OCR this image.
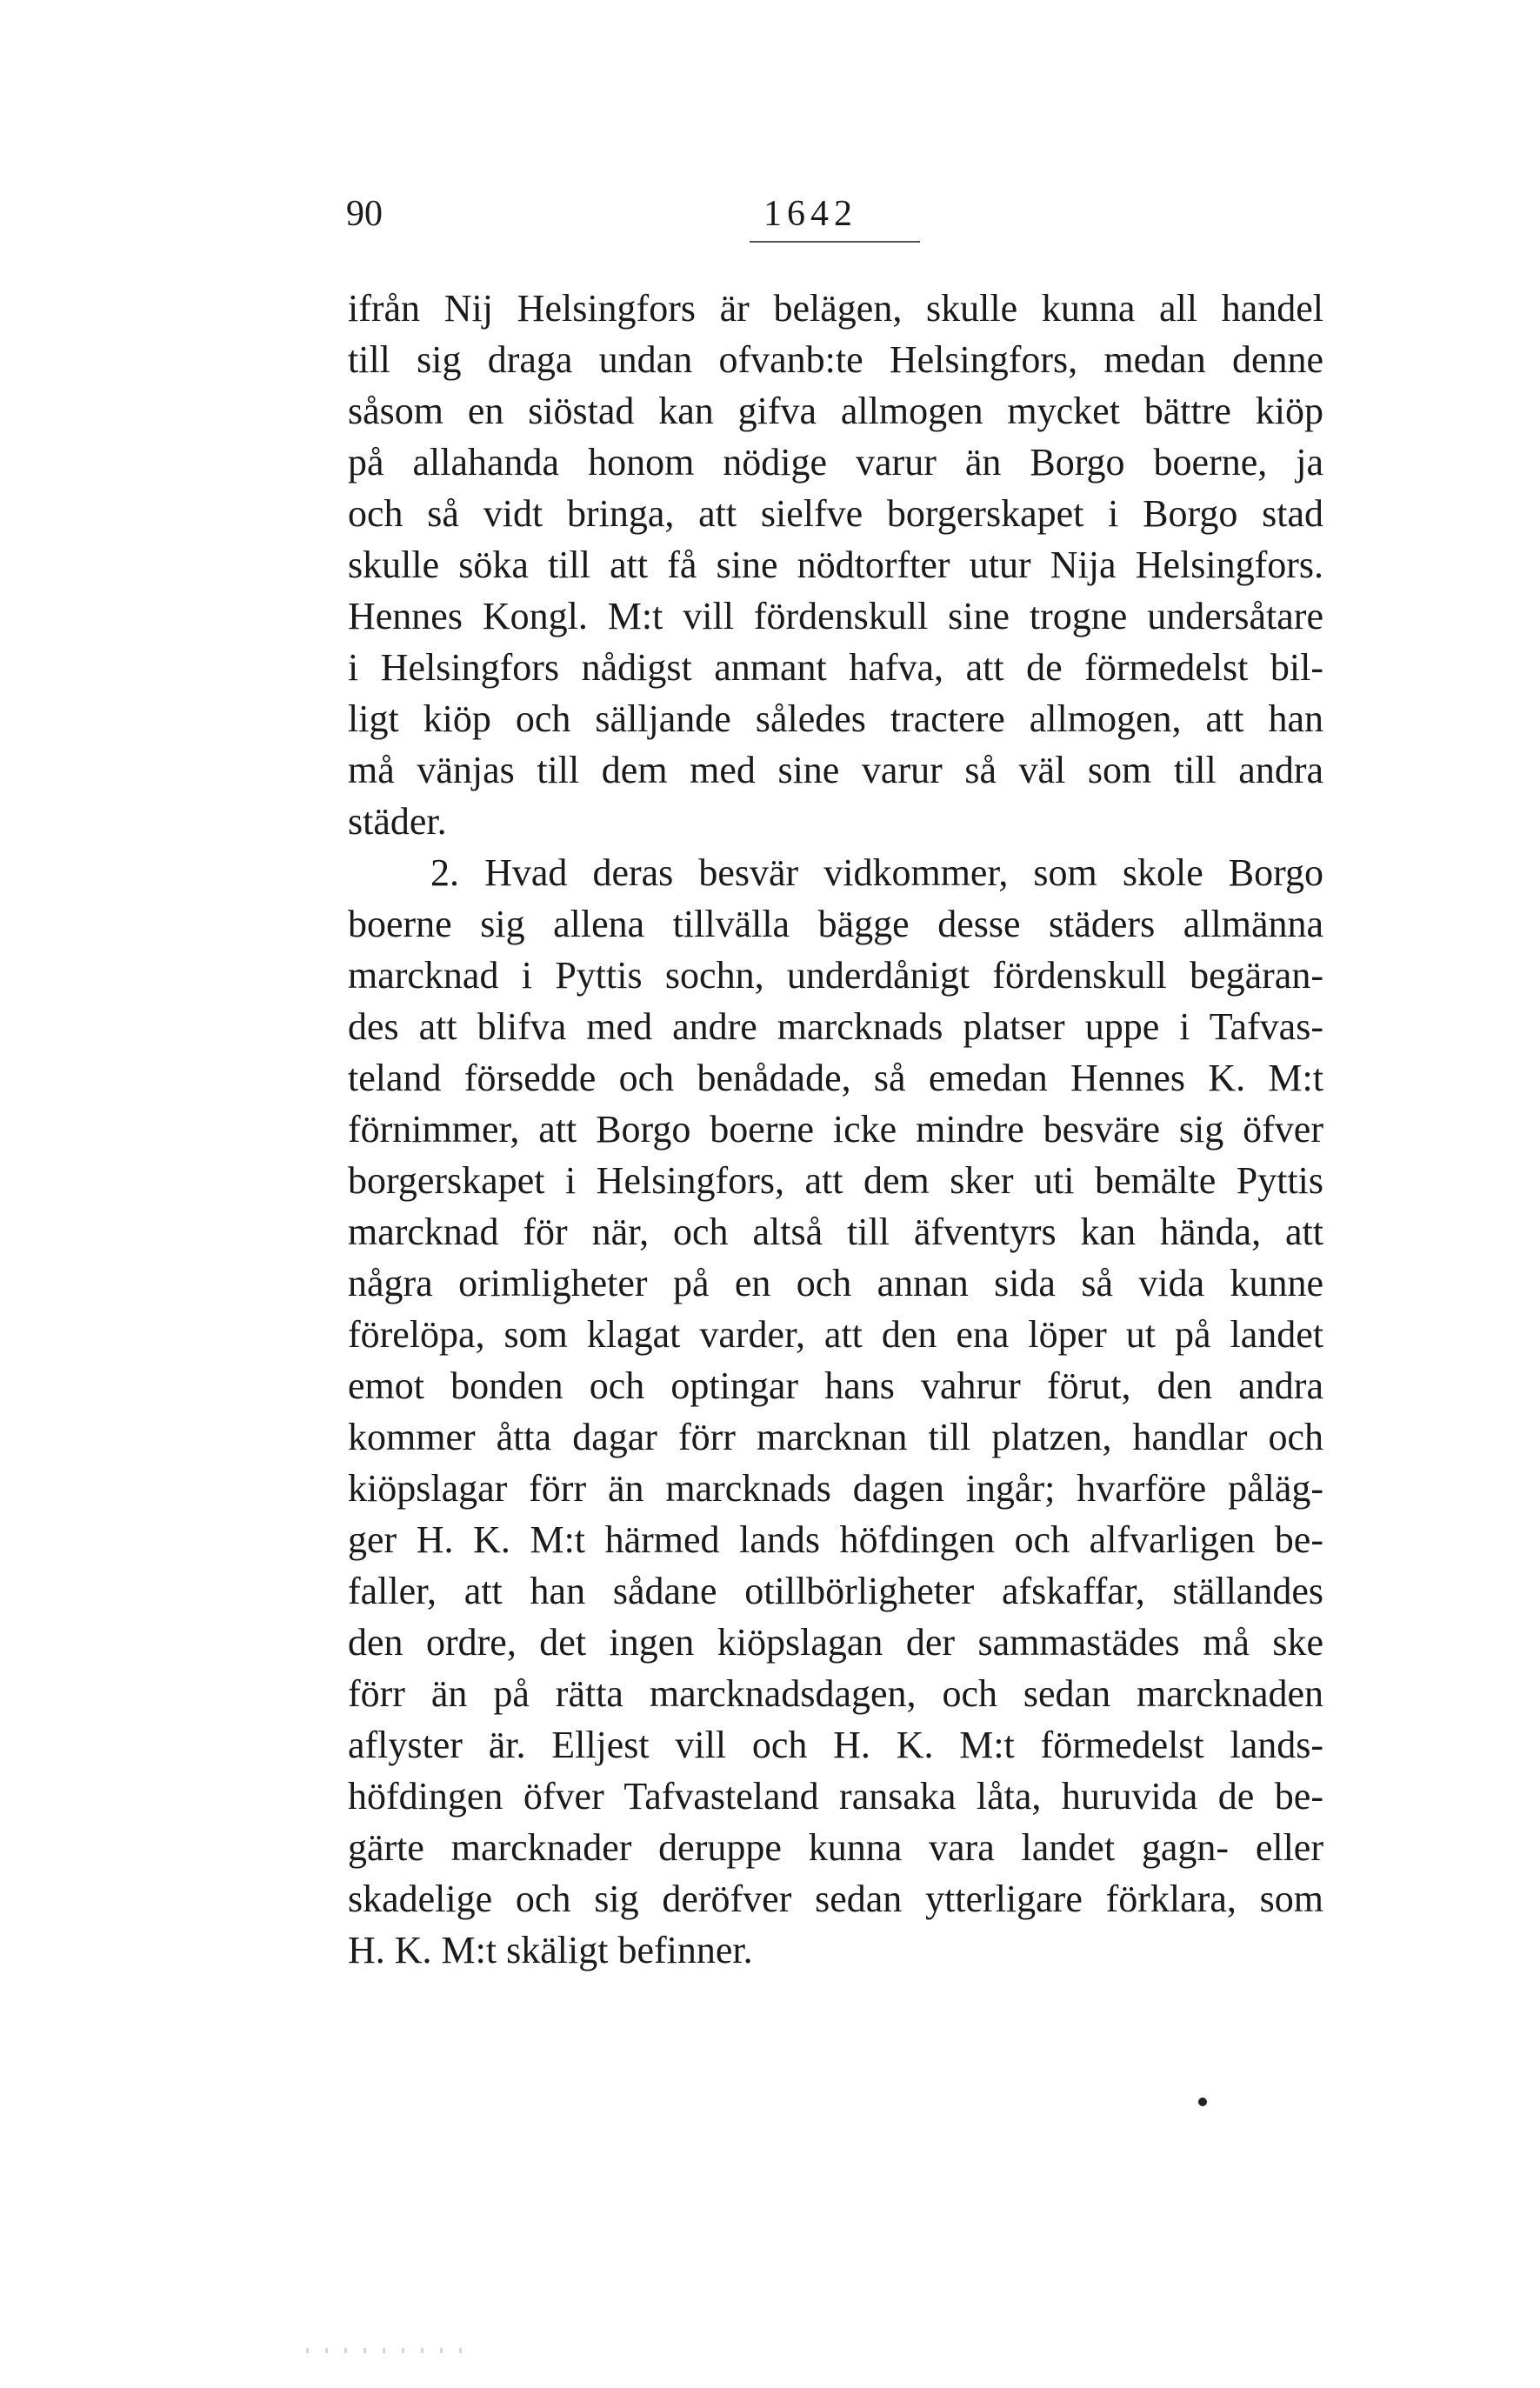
90	1642
ifrån Nij Helsingfors är belägen, skulle kunna all handel
till sig draga undan ofvanb:te Helsingfors, medan denne
såsom en siöstad kan gifva allmogen mycket bättre kiöp
på allahanda honom nödige varur än Borgo boerne, ja
och så vidt bringa, att sielfve borgerskapet i Borgo stad
skulle söka till att få sine nödtorfter utur Nija Helsingfors.
Hennes Kongl. M:t vill fördenskull sine trogne undersåtare
i Helsingfors nådigst anmant hafva, att de förmedelst bil-
ligt kiöp och sälljande således tractere allmogen, att han
må vänjas till dem med sine varur så väl som till andra
städer.
2. Hvad deras besvär vidkommer, som skole Borgo
boerne sig allena tillvälla bägge desse städers allmänna
marcknad i Pyttis sochn, underdånigt fördenskull begäran-
des att blifva med andre marcknads platser uppe i Tafvas-
teland försedde och benådade, så emedan Hennes K. M:t
förnimmer, att Borgo boerne icke mindre besväre sig öfver
borgerskapet i Helsingfors, att dem sker uti bemälte Pyttis
marcknad för när, och altså till äfventyrs kan hända, att
några orimligheter på en och annan sida så vida kunne
förelöpa, som klagat varder, att den ena löper ut på landet
emot bonden och optingar hans vahrur förut, den andra
kommer åtta dagar förr marcknan till platzen, handlar och
kiöpslagar förr än marcknads dagen ingår; hvarföre påläg-
ger H. K. M:t härmed lands höfdingen och alfvarligen be-
faller, att han sådane otillbörligheter afskaffar, ställandes
den ordre, det ingen kiöpslagan der sammastädes må ske
förr än på rätta marcknadsdagen, och sedan marcknaden
aflyster är. Elljest vill och H. K. M:t förmedelst lands-
höfdingen öfver Tafvasteland ransaka låta, huruvida de be-
gärte marcknader deruppe kunna vara landet gagn- eller
skadelige och sig deröfver sedan ytterligare förklara, som
H. K. M:t skäligt befinner.
